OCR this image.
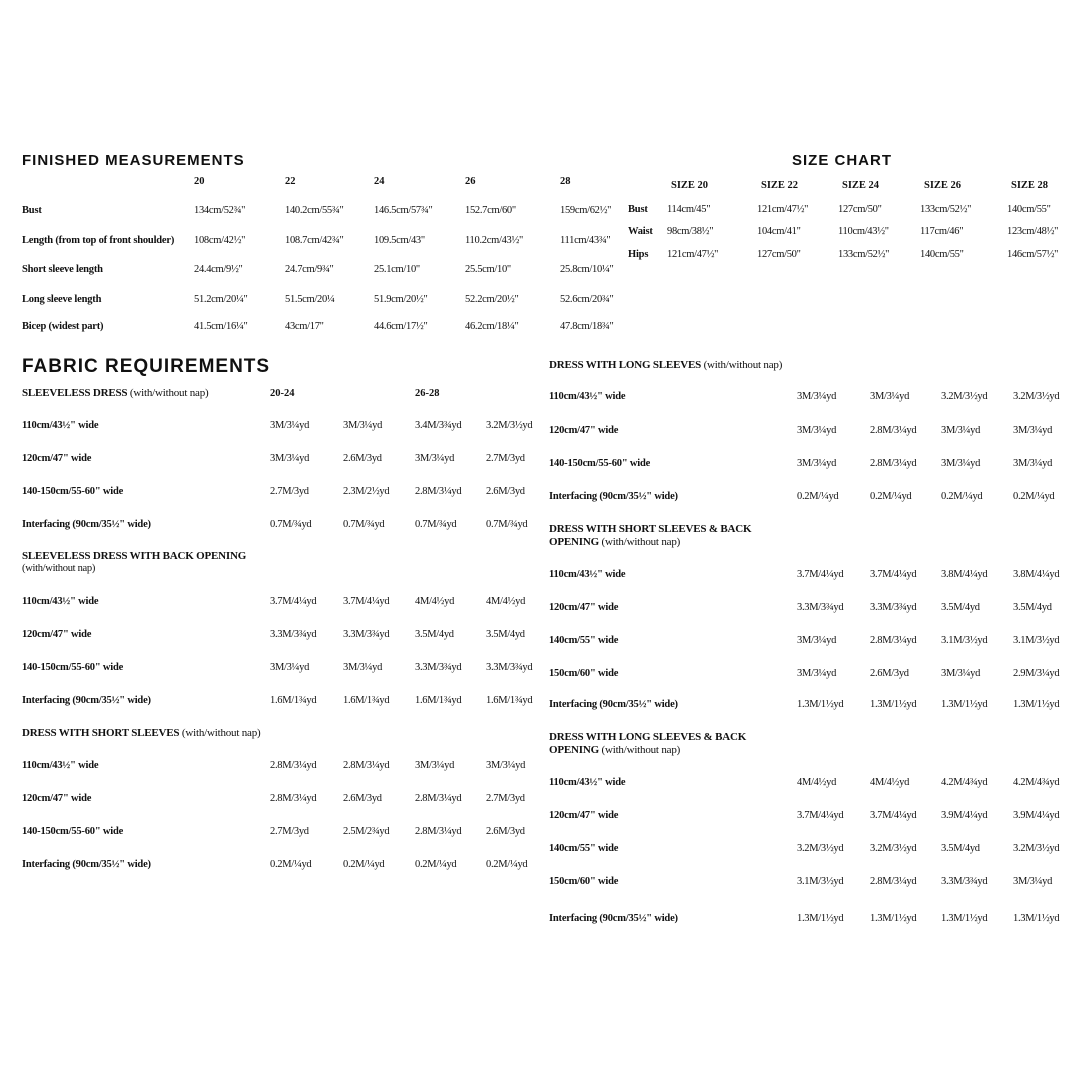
FINISHED MEASUREMENTS
20	22	24	26	28
Bust	134cm/52¾"	140.2cm/55¾"	146.5cm/57¾"	152.7cm/60"	159cm/62½"
Length (from top of front shoulder) 108cm/42½"	108.7cm/42¾"	109.5cm/43"	110.2cm/43½"	111cm/43¾"
Short sleeve length	24.4cm/9½"	24.7cm/9¾"	25.1cm/10"	25.5cm/10"	25.8cm/10¼"
Long sleeve length	51.2cm/20¼"	51.5cm/20¼	51.9cm/20½"	52.2cm/20½"	52.6cm/20¾"
Bicep (widest part)	41.5cm/16¼"	43cm/17"	44.6cm/17½"	46.2cm/18¼"	47.8cm/18¾"
SIZE CHART
SIZE 20	SIZE 22	SIZE 24	SIZE 26	SIZE 28
Bust 114cm/45"	121cm/47½"	127cm/50"	133cm/52½"	140cm/55"
Waist 98cm/38½"	104cm/41"	110cm/43½"	117cm/46"	123cm/48½"
Hips 121cm/47½"	127cm/50"	133cm/52½"	140cm/55"	146cm/57½"
FABRIC REQUIREMENTS
SLEEVELESS DRESS (with/without nap)
110cm/43½" wide	3M/3¼yd	3M/3¼yd	3.4M/3¾yd 3.2M/3½yd
120cm/47" wide	3M/3¼yd	2.6M/3yd	3M/3¼yd	2.7M/3yd
140-150cm/55-60" wide	2.7M/3yd	2.3M/2½yd 2.8M/3¼yd 2.6M/3yd
Interfacing (90cm/35½" wide)	0.7M/¾yd	0.7M/¾yd	0.7M/¾yd	0.7M/¾yd
20-24	26-28
SLEEVELESS DRESS WITH BACK OPENING
(with/without nap)
110cm/43½" wide	3.7M/4¼yd	3.7M/4¼yd 4M/4½yd	4M/4½yd
120cm/47" wide	3.3M/3¾yd	3.3M/3¾yd 3.5M/4yd	3.5M/4yd
140-150cm/55-60" wide	3M/3¼yd	3M/3¼yd	3.3M/3¾yd 3.3M/3¾yd
Interfacing (90cm/35½" wide)	1.6M/1¾yd	1.6M/1¾yd 1.6M/1¾yd 1.6M/1¾yd
DRESS WITH SHORT SLEEVES (with/without nap)
110cm/43½" wide	2.8M/3¼yd	2.8M/3¼yd 3M/3¼yd	3M/3¼yd
120cm/47" wide	2.8M/3¼yd	2.6M/3yd	2.8M/3¼yd 2.7M/3yd
140-150cm/55-60" wide	2.7M/3yd	2.5M/2¾yd 2.8M/3¼yd 2.6M/3yd
Interfacing (90cm/35½" wide)	0.2M/¼yd	0.2M/¼yd	0.2M/¼yd	0.2M/¼yd
DRESS WITH LONG SLEEVES (with/without nap)
110cm/43½" wide	3M/3¼yd	3M/3¼yd	3.2M/3½yd 3.2M/3½yd
120cm/47" wide	3M/3¼yd	2.8M/3¼yd 3M/3¼yd	3M/3¼yd
140-150cm/55-60" wide	3M/3¼yd	2.8M/3¼yd 3M/3¼yd	3M/3¼yd
Interfacing (90cm/35½" wide)	0.2M/¼yd	0.2M/¼yd	0.2M/¼yd	0.2M/¼yd
DRESS WITH SHORT SLEEVES & BACK
OPENING (with/without nap)
110cm/43½" wide	3.7M/4¼yd	3.7M/4¼yd 3.8M/4¼yd 3.8M/4¼yd
120cm/47" wide	3.3M/3¾yd	3.3M/3¾yd 3.5M/4yd	3.5M/4yd
140cm/55" wide	3M/3¼yd	2.8M/3¼yd 3.1M/3½yd 3.1M/3½yd
150cm/60" wide	3M/3¼yd	2.6M/3yd	3M/3¼yd	2.9M/3¼yd
Interfacing (90cm/35½" wide)	1.3M/1½yd	1.3M/1½yd 1.3M/1½yd 1.3M/1½yd
DRESS WITH LONG SLEEVES & BACK
OPENING (with/without nap)
110cm/43½" wide	4M/4½yd	4M/4½yd	4.2M/4¾yd 4.2M/4¾yd
120cm/47" wide	3.7M/4¼yd	3.7M/4¼yd 3.9M/4¼yd 3.9M/4¼yd
140cm/55" wide	3.2M/3½yd	3.2M/3½yd 3.5M/4yd	3.2M/3½yd
150cm/60" wide	3.1M/3½yd	2.8M/3¼yd 3.3M/3¾yd 3M/3¼yd
Interfacing (90cm/35½" wide)	1.3M/1½yd	1.3M/1½yd 1.3M/1½yd 1.3M/1½yd
